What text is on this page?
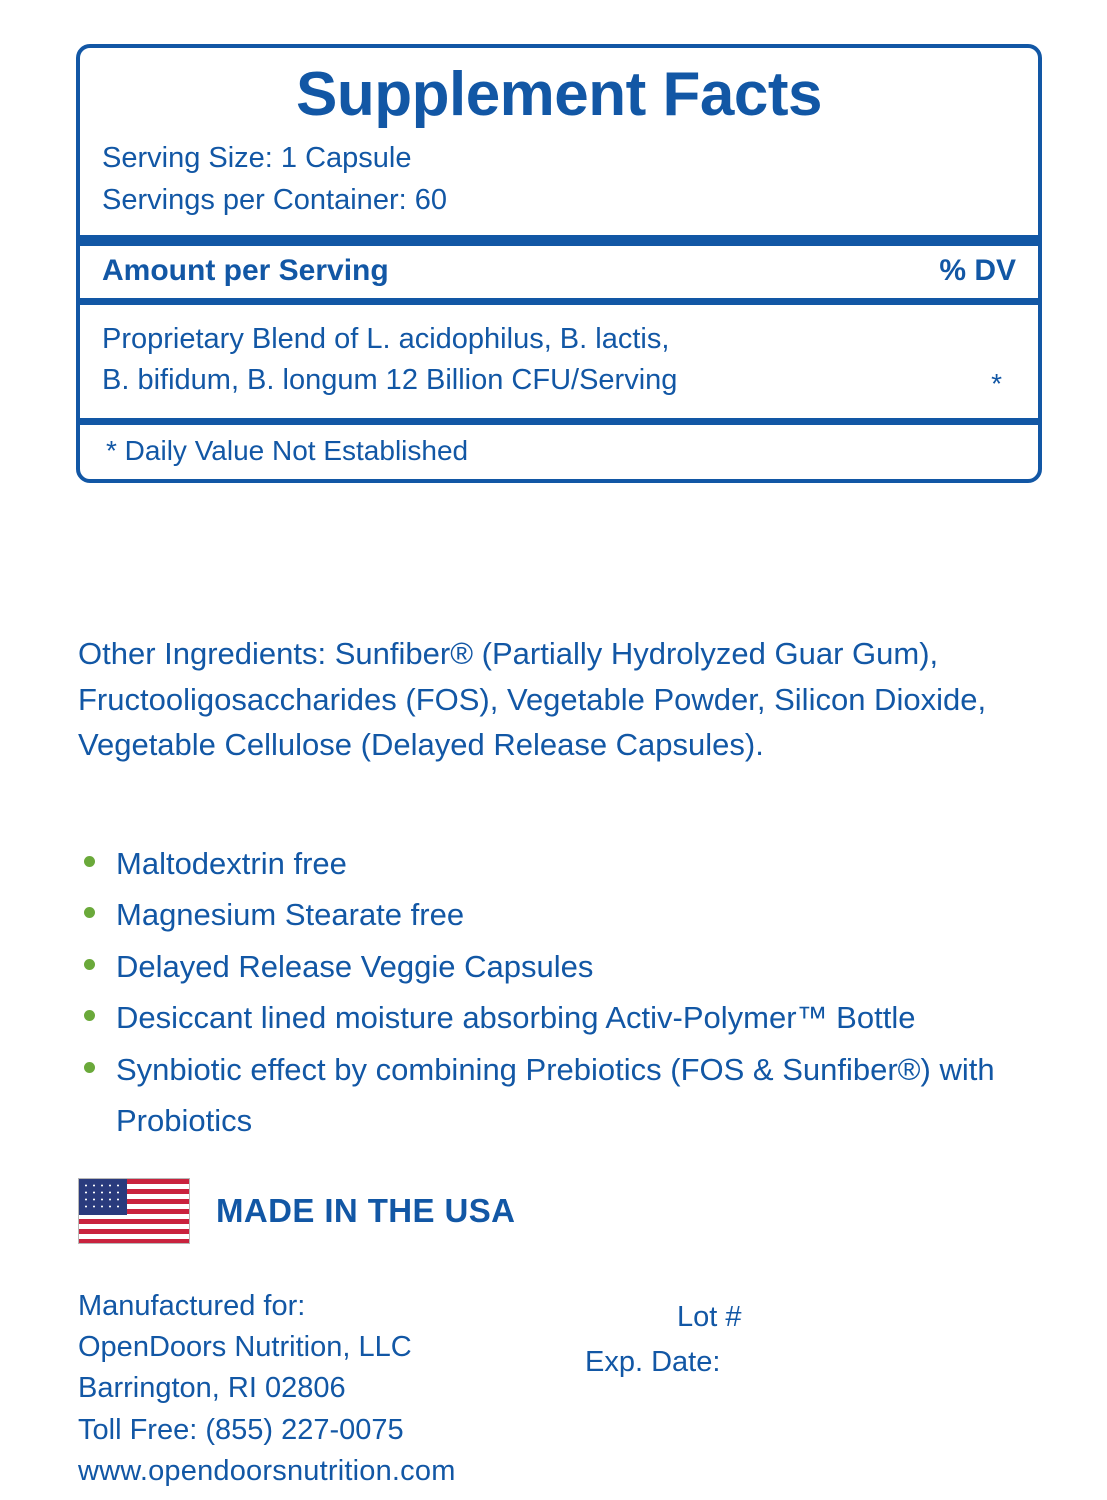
Supplement Facts
Serving Size: 1 Capsule
Servings per Container: 60
Amount per Serving	% DV
Proprietary Blend of L. acidophilus, B. lactis,
B. bifidum, B. longum 12 Billion CFU/Serving	*
* Daily Value Not Established

Other Ingredients: Sunfiber® (Partially Hydrolyzed Guar Gum), Fructooligosaccharides (FOS), Vegetable Powder, Silicon Dioxide, Vegetable Cellulose (Delayed Release Capsules).

Maltodextrin free
Magnesium Stearate free
Delayed Release Veggie Capsules
Desiccant lined moisture absorbing Activ-Polymer™ Bottle
Synbiotic effect by combining Prebiotics (FOS & Sunfiber®) with Probiotics
MADE IN THE USA
Manufactured for:
OpenDoors Nutrition, LLC
Barrington, RI 02806
Toll Free: (855) 227-0075
www.opendoorsnutrition.com
Lot #
Exp. Date:
